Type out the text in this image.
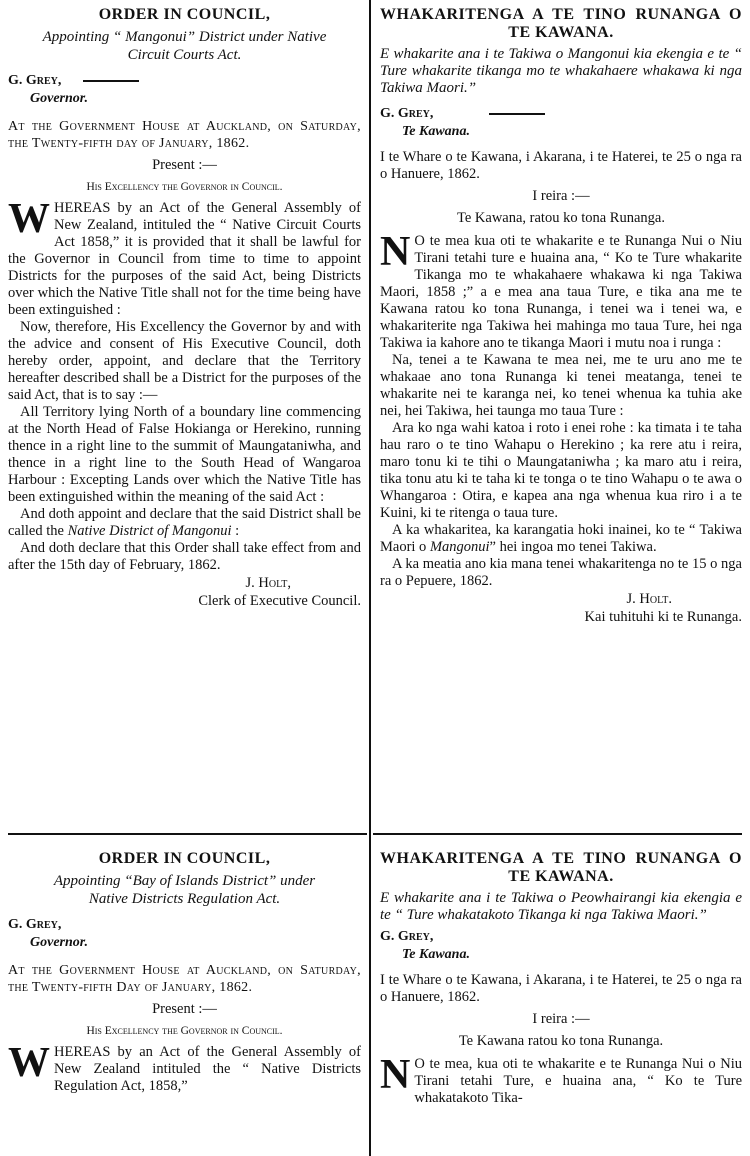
ORDER IN COUNCIL,

Appointing “ Mangonui” District under Native Circuit Courts Act.

G. Grey,

Governor.

At the Government House at Auckland, on Saturday, the Twenty-fifth day of January, 1862.

Present :—

His Excellency the Governor in Council.

W HEREAS by an Act of the General Assembly of New Zealand, intituled the “ Native Circuit Courts Act 1858,” it is provided that it shall be lawful for the Governor in Council from time to time to appoint Districts for the purposes of the said Act, being Districts over which the Native Title shall not for the time being have been extinguished :

Now, therefore, His Excellency the Governor by and with the advice and consent of His Executive Council, doth hereby order, appoint, and declare that the Territory hereafter described shall be a District for the purposes of the said Act, that is to say :—

All Territory lying North of a boundary line commencing at the North Head of False Hokianga or Herekino, running thence in a right line to the summit of Maungataniwha, and thence in a right line to the South Head of Wangaroa Harbour : Excepting Lands over which the Native Title has been extinguished within the meaning of the said Act :

And doth appoint and declare that the said District shall be called the Native District of Mangonui :

And doth declare that this Order shall take effect from and after the 15th day of February, 1862.

J. Holt,

Clerk of Executive Council.

WHAKARITENGA A TE TINO RUNANGA O TE KAWANA.

E whakarite ana i te Takiwa o Mangonui kia ekengia e te “ Ture whakarite tikanga mo te whakahaere whakawa ki nga Takiwa Maori.”

G. Grey,

Te Kawana.

I te Whare o te Kawana, i Akarana, i te Haterei, te 25 o nga ra o Hanuere, 1862.

I reira :—

Te Kawana, ratou ko tona Runanga.

N O te mea kua oti te whakarite e te Runanga Nui o Niu Tirani tetahi ture e huaina ana, “ Ko te Ture whakarite Tikanga mo te whakahaere whakawa ki nga Takiwa Maori, 1858 ;” a e mea ana taua Ture, e tika ana me te Kawana ratou ko tona Runanga, i tenei wa i tenei wa, e whakariterite nga Takiwa hei mahinga mo taua Ture, hei nga Takiwa ia kahore ano te tikanga Maori i mutu noa i runga :

Na, tenei a te Kawana te mea nei, me te uru ano me te whakaae ano tona Runanga ki tenei meatanga, tenei te whakarite nei te karanga nei, ko tenei whenua ka tuhia ake nei, hei Takiwa, hei taunga mo taua Ture :

Ara ko nga wahi katoa i roto i enei rohe : ka timata i te taha hau raro o te tino Wahapu o Herekino ; ka rere atu i reira, maro tonu ki te tihi o Maungataniwha ; ka maro atu i reira, tika tonu atu ki te taha ki te tonga o te tino Wahapu o te awa o Whangaroa : Otira, e kapea ana nga whenua kua riro i a te Kuini, ki te ritenga o taua ture.

A ka whakaritea, ka karangatia hoki inainei, ko te “ Takiwa Maori o Mangonui” hei ingoa mo tenei Takiwa.

A ka meatia ano kia mana tenei whakaritenga no te 15 o nga ra o Pepuere, 1862.

J. Holt.

Kai tuhituhi ki te Runanga.

ORDER IN COUNCIL,

Appointing “Bay of Islands District” under Native Districts Regulation Act.

G. Grey,

Governor.

At the Government House at Auckland, on Saturday, the Twenty-fifth Day of January, 1862.

Present :—

His Excellency the Governor in Council.

W HEREAS by an Act of the General Assembly of New Zealand intituled the “ Native Districts Regulation Act, 1858,”

WHAKARITENGA A TE TINO RUNANGA O TE KAWANA.

E whakarite ana i te Takiwa o Peowhairangi kia ekengia e te “ Ture whakatakoto Tikanga ki nga Takiwa Maori.”

G. Grey,

Te Kawana.

I te Whare o te Kawana, i Akarana, i te Haterei, te 25 o nga ra o Hanuere, 1862.

I reira :—

Te Kawana ratou ko tona Runanga.

N O te mea, kua oti te whakarite e te Runanga Nui o Niu Tirani tetahi Ture, e huaina ana, “ Ko te Ture whakatakoto Tika-
